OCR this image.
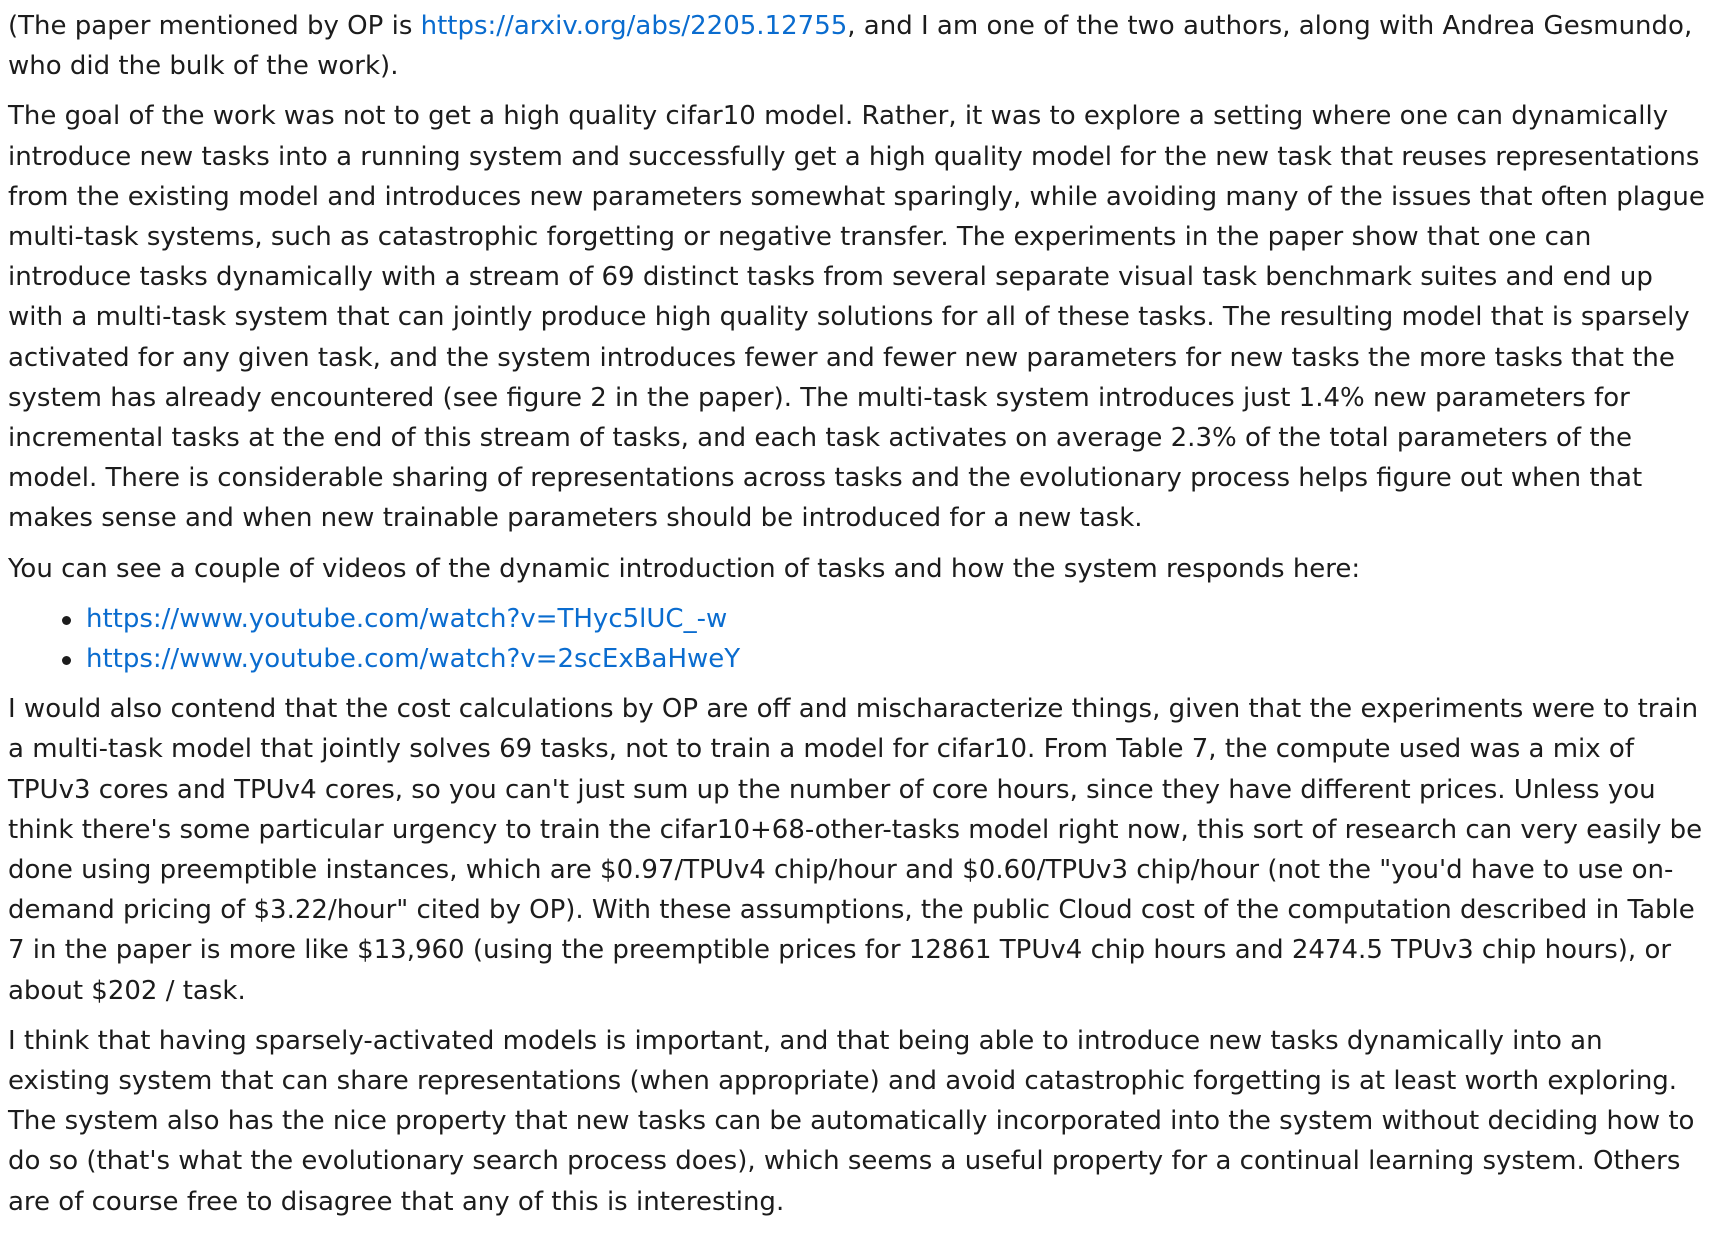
(The paper mentioned by OP is https://arxiv.org/abs/2205.12755, and I am one of the two authors, along with Andrea Gesmundo, who did the bulk of the work).

The goal of the work was not to get a high quality cifar10 model. Rather, it was to explore a setting where one can dynamically introduce new tasks into a running system and successfully get a high quality model for the new task that reuses representations from the existing model and introduces new parameters somewhat sparingly, while avoiding many of the issues that often plague multi-task systems, such as catastrophic forgetting or negative transfer. The experiments in the paper show that one can introduce tasks dynamically with a stream of 69 distinct tasks from several separate visual task benchmark suites and end up with a multi-task system that can jointly produce high quality solutions for all of these tasks. The resulting model that is sparsely activated for any given task, and the system introduces fewer and fewer new parameters for new tasks the more tasks that the system has already encountered (see figure 2 in the paper). The multi-task system introduces just 1.4% new parameters for incremental tasks at the end of this stream of tasks, and each task activates on average 2.3% of the total parameters of the model. There is considerable sharing of representations across tasks and the evolutionary process helps figure out when that makes sense and when new trainable parameters should be introduced for a new task.

You can see a couple of videos of the dynamic introduction of tasks and how the system responds here:

https://www.youtube.com/watch?v=THyc5lUC_-w
https://www.youtube.com/watch?v=2scExBaHweY

I would also contend that the cost calculations by OP are off and mischaracterize things, given that the experiments were to train a multi-task model that jointly solves 69 tasks, not to train a model for cifar10. From Table 7, the compute used was a mix of TPUv3 cores and TPUv4 cores, so you can't just sum up the number of core hours, since they have different prices. Unless you think there's some particular urgency to train the cifar10+68-other-tasks model right now, this sort of research can very easily be done using preemptible instances, which are $0.97/TPUv4 chip/hour and $0.60/TPUv3 chip/hour (not the "you'd have to use on-demand pricing of $3.22/hour" cited by OP). With these assumptions, the public Cloud cost of the computation described in Table 7 in the paper is more like $13,960 (using the preemptible prices for 12861 TPUv4 chip hours and 2474.5 TPUv3 chip hours), or about $202 / task.

I think that having sparsely-activated models is important, and that being able to introduce new tasks dynamically into an existing system that can share representations (when appropriate) and avoid catastrophic forgetting is at least worth exploring. The system also has the nice property that new tasks can be automatically incorporated into the system without deciding how to do so (that's what the evolutionary search process does), which seems a useful property for a continual learning system. Others are of course free to disagree that any of this is interesting.
